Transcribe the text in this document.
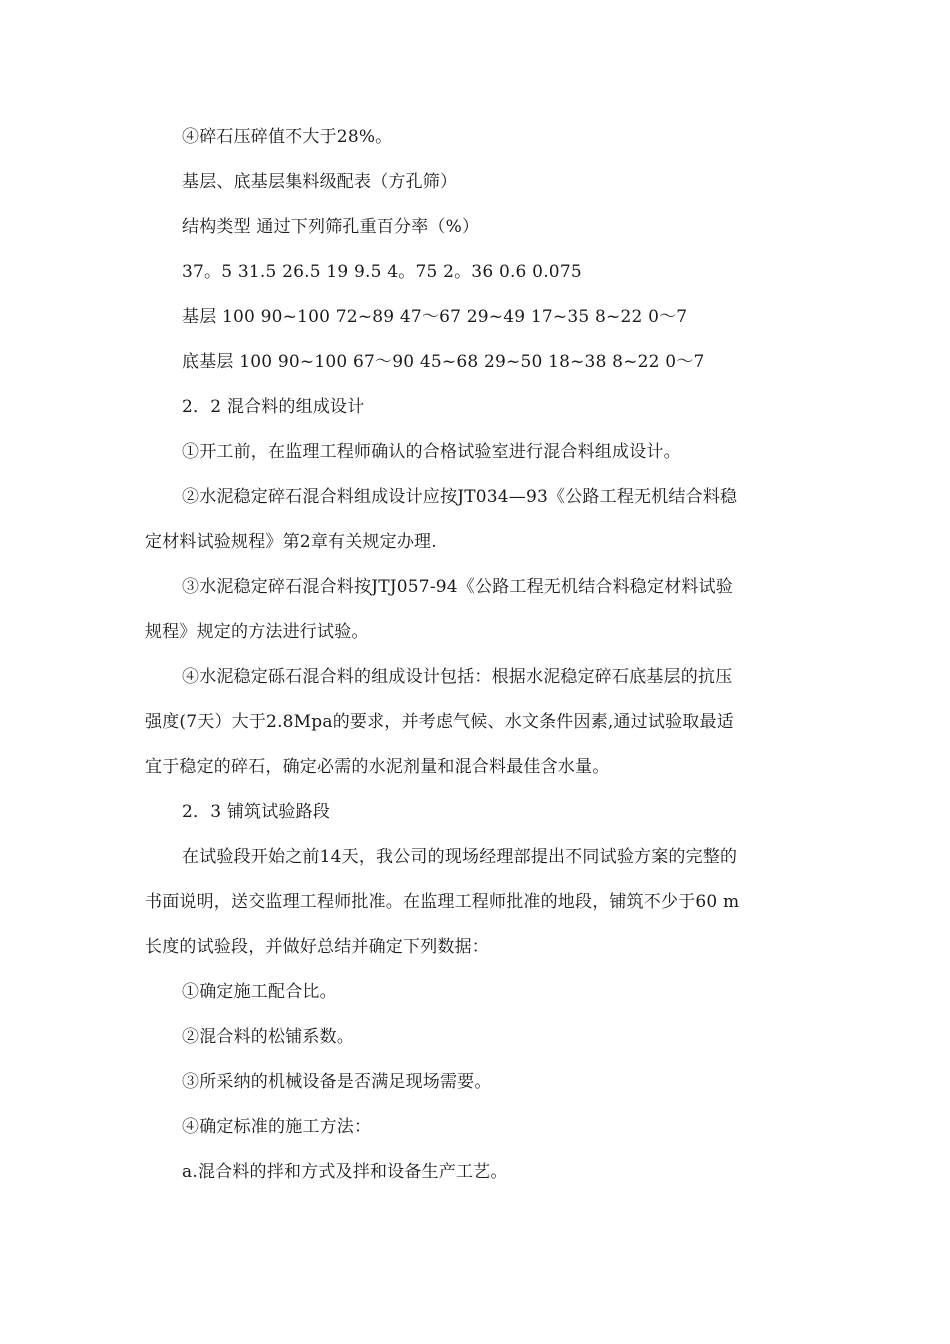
④碎石压碎值不大于28%。
基层、底基层集料级配表（方孔筛）
结构类型 通过下列筛孔重百分率（%）
37。5 31.5 26.5 19 9.5 4。75 2。36 0.6 0.075
基层 100 90~100 72~89 47～67 29~49 17~35 8~22 0～7
底基层 100 90~100 67～90 45~68 29~50 18~38 8~22 0～7
2．2 混合料的组成设计
①开工前，在监理工程师确认的合格试验室进行混合料组成设计。
②水泥稳定碎石混合料组成设计应按JT034—93《公路工程无机结合料稳
定材料试验规程》第2章有关规定办理.
③水泥稳定碎石混合料按JTJ057-94《公路工程无机结合料稳定材料试验
规程》规定的方法进行试验。
④水泥稳定砾石混合料的组成设计包括：根据水泥稳定碎石底基层的抗压
强度(7天）大于2.8Mpa的要求，并考虑气候、水文条件因素,通过试验取最适
宜于稳定的碎石，确定必需的水泥剂量和混合料最佳含水量。
2．3 铺筑试验路段
在试验段开始之前14天，我公司的现场经理部提出不同试验方案的完整的
书面说明，送交监理工程师批准。在监理工程师批准的地段，铺筑不少于60 m
长度的试验段，并做好总结并确定下列数据：
①确定施工配合比。
②混合料的松铺系数。
③所采纳的机械设备是否满足现场需要。
④确定标准的施工方法：
a.混合料的拌和方式及拌和设备生产工艺。
